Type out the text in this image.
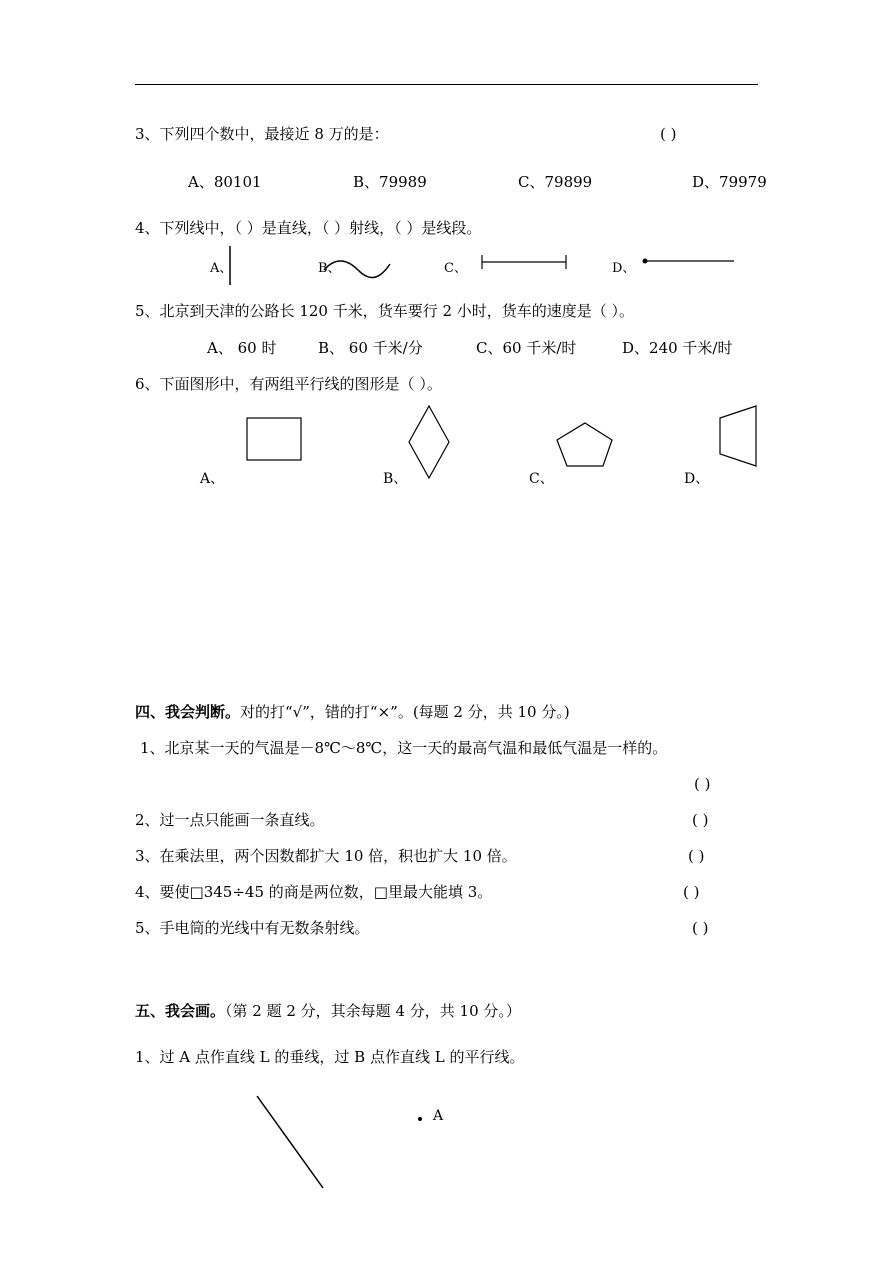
3、下列四个数中，最接近 8 万的是：	( )
A、80101	B、79989	C、79899	D、79979
4、下列线中，（ ）是直线，（ ）射线，（ ）是线段。
A、	B、	C、	D、
5、北京到天津的公路长 120 千米，货车要行 2 小时，货车的速度是（ ）。
A、 60 时	B、 60 千米/分	C、60 千米/时	D、240 千米/时
6、下面图形中，有两组平行线的图形是（ ）。
A、	B、	C、	D、
四、我会判断。对的打“√”，错的打“×”。(每题 2 分，共 10 分。)
1、北京某一天的气温是－8℃～8℃，这一天的最高气温和最低气温是一样的。
( )
2、过一点只能画一条直线。	( )
3、在乘法里，两个因数都扩大 10 倍，积也扩大 10 倍。	( )
4、要使□345÷45 的商是两位数，□里最大能填 3。	( )
5、手电筒的光线中有无数条射线。	( )
五、我会画。（第 2 题 2 分，其余每题 4 分，共 10 分。）
1、过 A 点作直线 L 的垂线，过 B 点作直线 L 的平行线。
A
